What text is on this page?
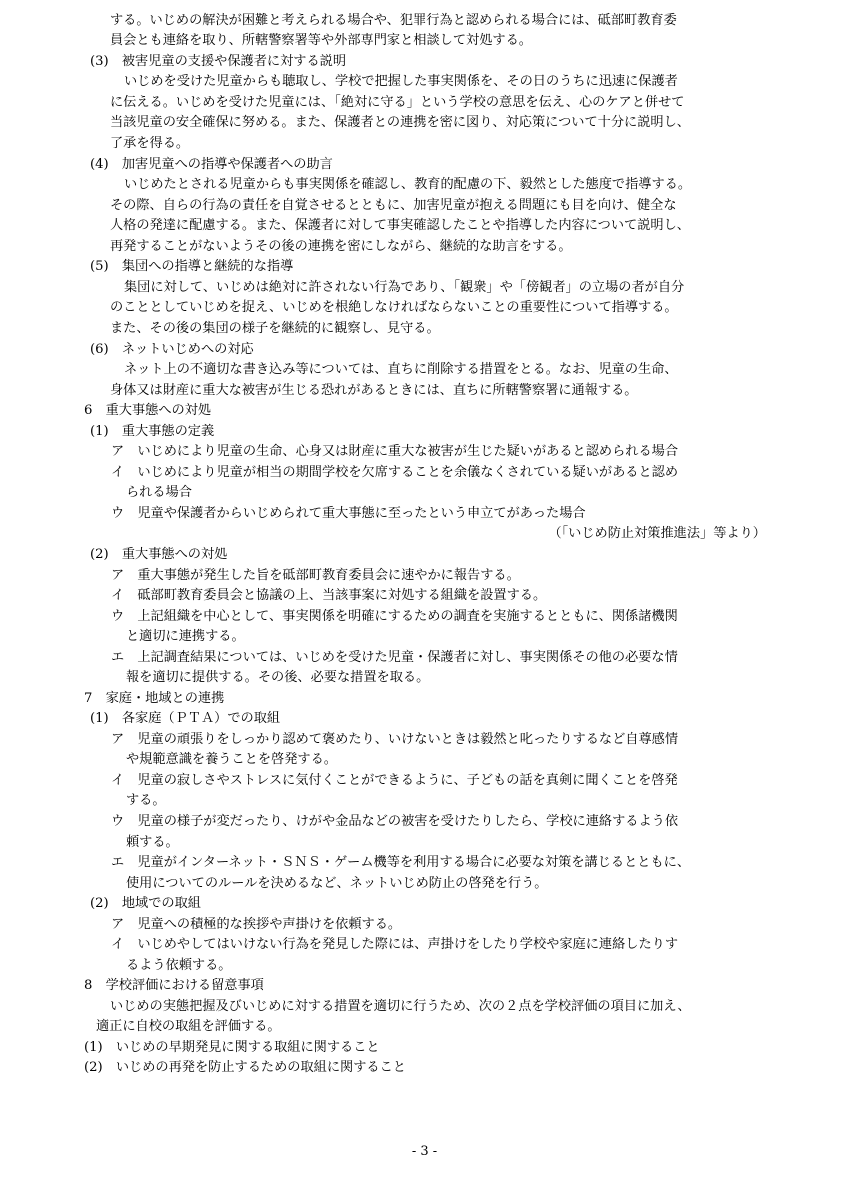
する。いじめの解決が困難と考えられる場合や、犯罪行為と認められる場合には、砥部町教育委
員会とも連絡を取り、所轄警察署等や外部専門家と相談して対処する。
(3)　被害児童の支援や保護者に対する説明
いじめを受けた児童からも聴取し、学校で把握した事実関係を、その日のうちに迅速に保護者
に伝える。いじめを受けた児童には、「絶対に守る」という学校の意思を伝え、心のケアと併せて
当該児童の安全確保に努める。また、保護者との連携を密に図り、対応策について十分に説明し、
了承を得る。
(4)　加害児童への指導や保護者への助言
いじめたとされる児童からも事実関係を確認し、教育的配慮の下、毅然とした態度で指導する。
その際、自らの行為の責任を自覚させるとともに、加害児童が抱える問題にも目を向け、健全な
人格の発達に配慮する。また、保護者に対して事実確認したことや指導した内容について説明し、
再発することがないようその後の連携を密にしながら、継続的な助言をする。
(5)　集団への指導と継続的な指導
集団に対して、いじめは絶対に許されない行為であり、「観衆」や「傍観者」の立場の者が自分
のこととしていじめを捉え、いじめを根絶しなければならないことの重要性について指導する。
また、その後の集団の様子を継続的に観察し、見守る。
(6)　ネットいじめへの対応
ネット上の不適切な書き込み等については、直ちに削除する措置をとる。なお、児童の生命、
身体又は財産に重大な被害が生じる恐れがあるときには、直ちに所轄警察署に通報する。
6　重大事態への対処
(1)　重大事態の定義
ア　いじめにより児童の生命、心身又は財産に重大な被害が生じた疑いがあると認められる場合
イ　いじめにより児童が相当の期間学校を欠席することを余儀なくされている疑いがあると認め
られる場合
ウ　児童や保護者からいじめられて重大事態に至ったという申立てがあった場合
（「いじめ防止対策推進法」等より）
(2)　重大事態への対処
ア　重大事態が発生した旨を砥部町教育委員会に速やかに報告する。
イ　砥部町教育委員会と協議の上、当該事案に対処する組織を設置する。
ウ　上記組織を中心として、事実関係を明確にするための調査を実施するとともに、関係諸機関
と適切に連携する。
エ　上記調査結果については、いじめを受けた児童・保護者に対し、事実関係その他の必要な情
報を適切に提供する。その後、必要な措置を取る。
7　家庭・地域との連携
(1)　各家庭（ＰＴＡ）での取組
ア　児童の頑張りをしっかり認めて褒めたり、いけないときは毅然と叱ったりするなど自尊感情
や規範意識を養うことを啓発する。
イ　児童の寂しさやストレスに気付くことができるように、子どもの話を真剣に聞くことを啓発
する。
ウ　児童の様子が変だったり、けがや金品などの被害を受けたりしたら、学校に連絡するよう依
頼する。
エ　児童がインターネット・ＳＮＳ・ゲーム機等を利用する場合に必要な対策を講じるとともに、
使用についてのルールを決めるなど、ネットいじめ防止の啓発を行う。
(2)　地域での取組
ア　児童への積極的な挨拶や声掛けを依頼する。
イ　いじめやしてはいけない行為を発見した際には、声掛けをしたり学校や家庭に連絡したりす
るよう依頼する。
8　学校評価における留意事項
いじめの実態把握及びいじめに対する措置を適切に行うため、次の２点を学校評価の項目に加え、
適正に自校の取組を評価する。
(1)　いじめの早期発見に関する取組に関すること
(2)　いじめの再発を防止するための取組に関すること
- 3 -
